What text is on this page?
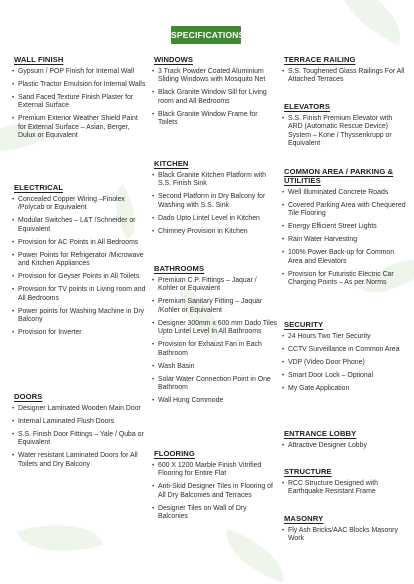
SPECIFICATIONS
WALL FINISH
• Gypsum / POP Finish for Internal Wall
• Plastic Tractor Emulsion for Internal Walls
• Sand Faced Texture Finish Plaster for External Surface
• Premium Exterior Weather Shield Paint for External Surface – Asian, Berger, Dulux or Equivalent
ELECTRICAL
• Concealed Copper Wiring –Finolex /Polycab or Equivalent
• Modular Switches – L&T /Schneider or Equivalent
• Provision for AC Points in All Bedrooms
• Power Points for Refrigerator /Microwave and Kitchen Appliances
• Provision for Geyser Points in All Toilets
• Provision for TV points in Living room and All Bedrooms
• Power points for Washing Machine in Dry Balcony
• Provision for Inverter
DOORS
• Designer Laminated Wooden Main Door
• Internal Laminated Flush Doors
• S.S. Finish Door Fittings – Yale / Quba or Equivalent
• Water resistant Laminated Doors for All Toilets and Dry Balcony
WINDOWS
• 3 Track Powder Coated Aluminium Sliding Windows with Mosquito Net
• Black Granite Window Sill for Living room and All Bedrooms
• Black Granite Window Frame for Toilets
KITCHEN
• Black Granite Kitchen Platform with S.S. Finish Sink
• Second Platform in Dry Balcony for Washing with S.S. Sink
• Dado Upto Lintel Level in Kitchen
• Chimney Provision in Kitchen
BATHROOMS
• Premium C.P. Fittings – Jaquar / Kohler or Equivalent
• Premium Sanitary Fitting – Jaquar /Kohler or Equivalent
• Designer 300mm x 600 mm Dado Tiles Upto Lintel Level In All Bathrooms
• Provision for Exhaust Fan in Each Bathroom
• Wash Basin
• Solar Water Connection Point in One Bathroom
• Wall Hung Commode
FLOORING
• 600 X 1200 Marble Finish Vitrified Flooring for Entire Flat
• Anti-Skid Designer Tiles in Flooring of All Dry Balconies and Terraces
• Designer Tiles on Wall of Dry Balconies
TERRACE RAILING
• S.S. Toughened Glass Railings For All Attached Terraces
ELEVATORS
• S.S. Finish Premium Elevator with ARD (Automatic Rescue Device) System – Kone / Thyssenkrupp or Equivalent
COMMON AREA / PARKING & UTILITIES
• Well Illuminated Concrete Roads
• Covered Parking Area with Chequered Tile Flooring
• Energy Efficient Street Lights
• Rain Water Harvesting
• 100% Power Back-up for Common Area and Elevators
• Provision for Futuristic Electric Car Charging Points – As per Norms
SECURITY
• 24 Hours Two Tier Security
• CCTV Surveillance in Common Area
• VDP (Video Door Phone)
• Smart Door Lock – Optional
• My Gate Application
ENTRANCE LOBBY
• Attractive Designer Lobby
STRUCTURE
• RCC Structure Designed with Earthquake Resistant Frame
MASONRY
• Fly Ash Bricks/AAC Blocks Masonry Work
